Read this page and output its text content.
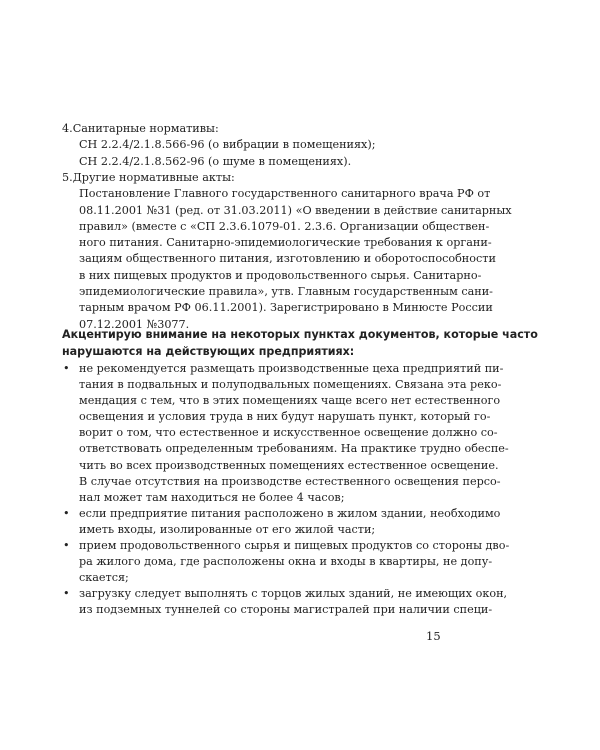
4.Санитарные нормативы:
СН 2.2.4/2.1.8.566-96 (о вибрации в помещениях);
СН 2.2.4/2.1.8.562-96 (о шуме в помещениях).
5.Другие нормативные акты:
Постановление Главного государственного санитарного врача РФ от
08.11.2001 №31 (ред. от 31.03.2011) «О введении в действие санитарных
правил» (вместе с «СП 2.3.6.1079-01. 2.3.6. Организации обществен-
ного питания. Санитарно-эпидемиологические требования к органи-
зациям общественного питания, изготовлению и оборотоспособности
в них пищевых продуктов и продовольственного сырья. Санитарно-
эпидемиологические правила», утв. Главным государственным сани-
тарным врачом РФ 06.11.2001). Зарегистрировано в Минюсте России
07.12.2001 №3077.
Акцентирую внимание на некоторых пунктах документов, которые часто
нарушаются на действующих предприятиях:
• не рекомендуется размещать производственные цеха предприятий пи-
тания в подвальных и полуподвальных помещениях. Связана эта реко-
мендация с тем, что в этих помещениях чаще всего нет естественного
освещения и условия труда в них будут нарушать пункт, который го-
ворит о том, что естественное и искусственное освещение должно со-
ответствовать определенным требованиям. На практике трудно обеспе-
чить во всех производственных помещениях естественное освещение.
В случае отсутствия на производстве естественного освещения персо-
нал может там находиться не более 4 часов;
• если предприятие питания расположено в жилом здании, необходимо
иметь входы, изолированные от его жилой части;
• прием продовольственного сырья и пищевых продуктов со стороны дво-
ра жилого дома, где расположены окна и входы в квартиры, не допу-
скается;
• загрузку следует выполнять с торцов жилых зданий, не имеющих окон,
из подземных туннелей со стороны магистралей при наличии специ-
15
